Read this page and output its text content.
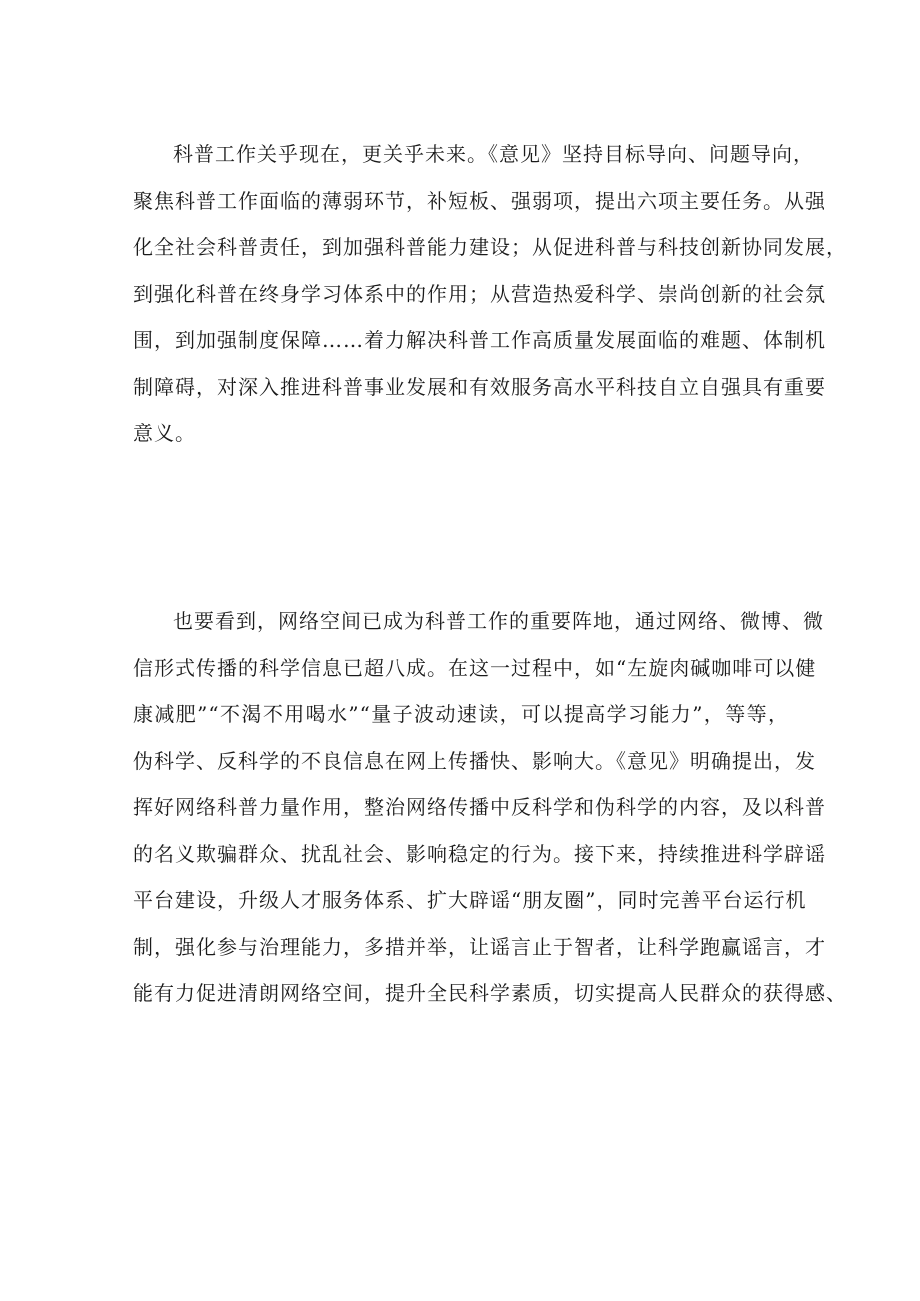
科普工作关乎现在，更关乎未来。《意见》坚持目标导向、问题导向，
聚焦科普工作面临的薄弱环节，补短板、强弱项，提出六项主要任务。从强
化全社会科普责任，到加强科普能力建设；从促进科普与科技创新协同发展，
到强化科普在终身学习体系中的作用；从营造热爱科学、崇尚创新的社会氛
围，到加强制度保障……着力解决科普工作高质量发展面临的难题、体制机
制障碍，对深入推进科普事业发展和有效服务高水平科技自立自强具有重要
意义。
也要看到，网络空间已成为科普工作的重要阵地，通过网络、微博、微
信形式传播的科学信息已超八成。在这一过程中，如“左旋肉碱咖啡可以健
康减肥”“不渴不用喝水”“量子波动速读，可以提高学习能力”，等等，
伪科学、反科学的不良信息在网上传播快、影响大。《意见》明确提出，发
挥好网络科普力量作用，整治网络传播中反科学和伪科学的内容，及以科普
的名义欺骗群众、扰乱社会、影响稳定的行为。接下来，持续推进科学辟谣
平台建设，升级人才服务体系、扩大辟谣“朋友圈”，同时完善平台运行机
制，强化参与治理能力，多措并举，让谣言止于智者，让科学跑赢谣言，才
能有力促进清朗网络空间，提升全民科学素质，切实提高人民群众的获得感、
